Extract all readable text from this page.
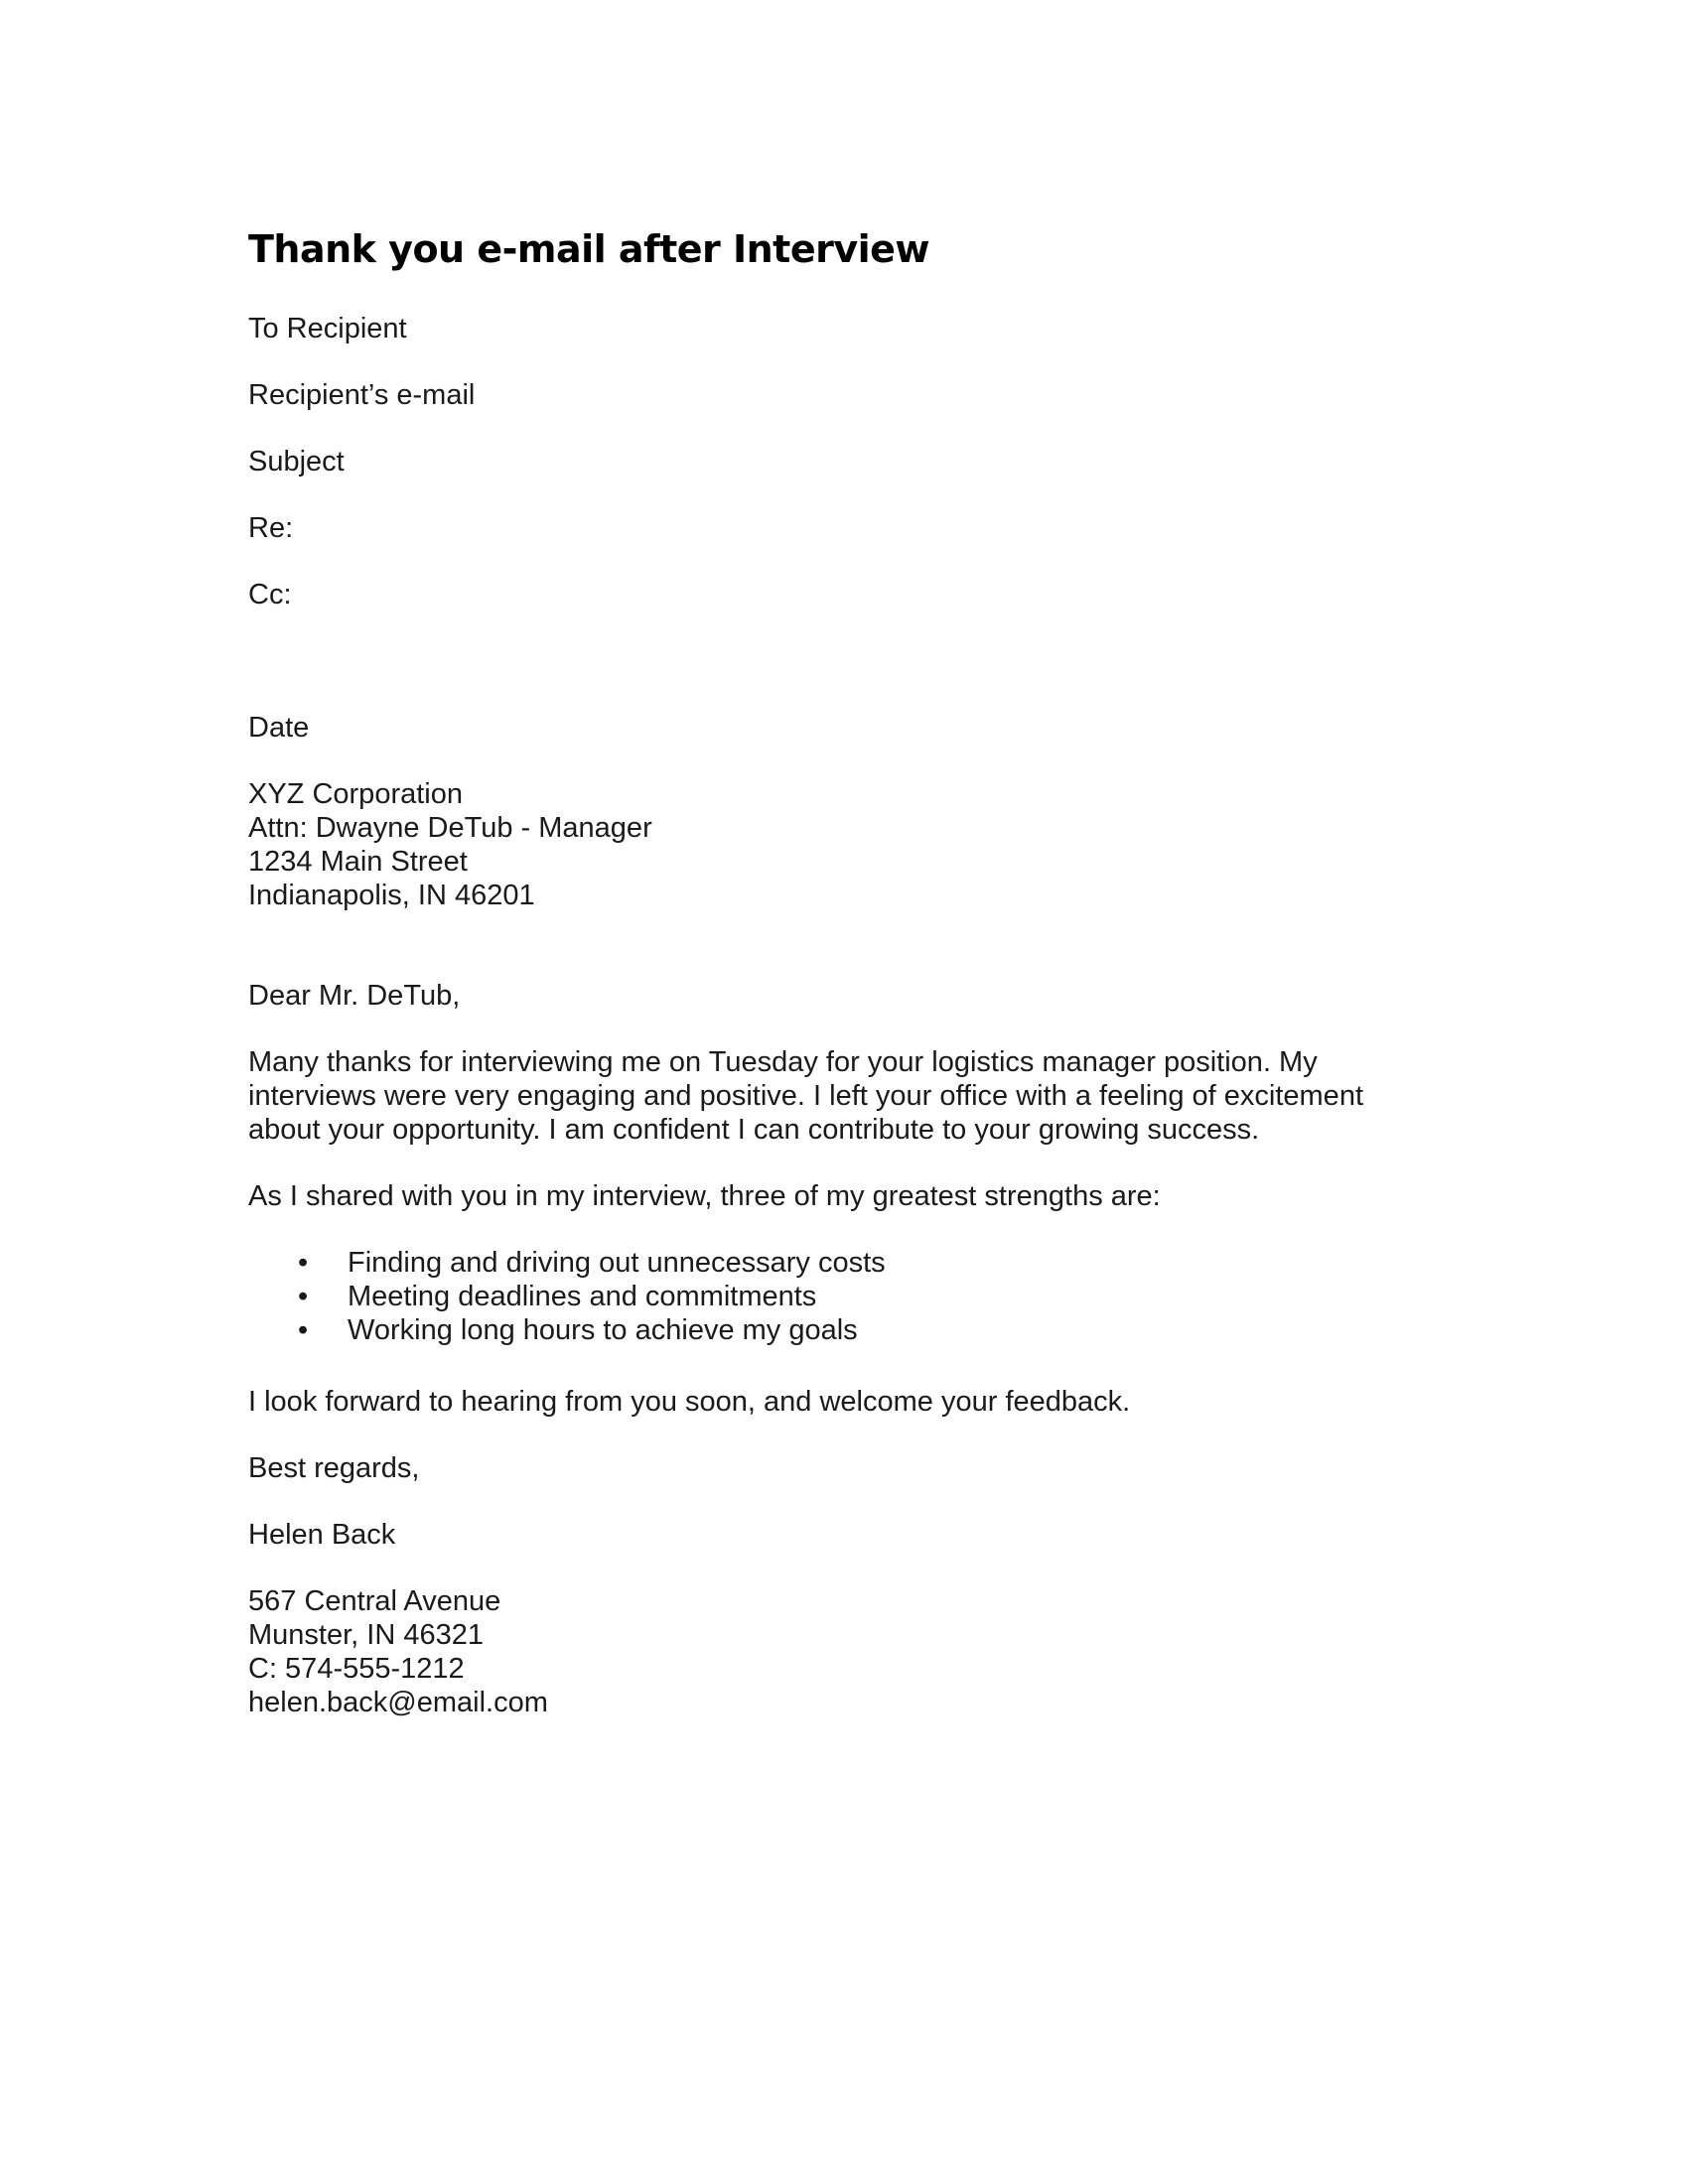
Thank you e-mail after Interview

To Recipient

Recipient’s e-mail

Subject

Re:

Cc:

Date

XYZ Corporation

Attn: Dwayne DeTub - Manager

1234 Main Street

Indianapolis, IN 46201

Dear Mr. DeTub,

Many thanks for interviewing me on Tuesday for your logistics manager position. My interviews were very engaging and positive. I left your office with a feeling of excitement about your opportunity. I am confident I can contribute to your growing success.

As I shared with you in my interview, three of my greatest strengths are:

• Finding and driving out unnecessary costs
• Meeting deadlines and commitments
• Working long hours to achieve my goals

I look forward to hearing from you soon, and welcome your feedback.

Best regards,

Helen Back

567 Central Avenue

Munster, IN 46321

C: 574-555-1212

helen.back@email.com
